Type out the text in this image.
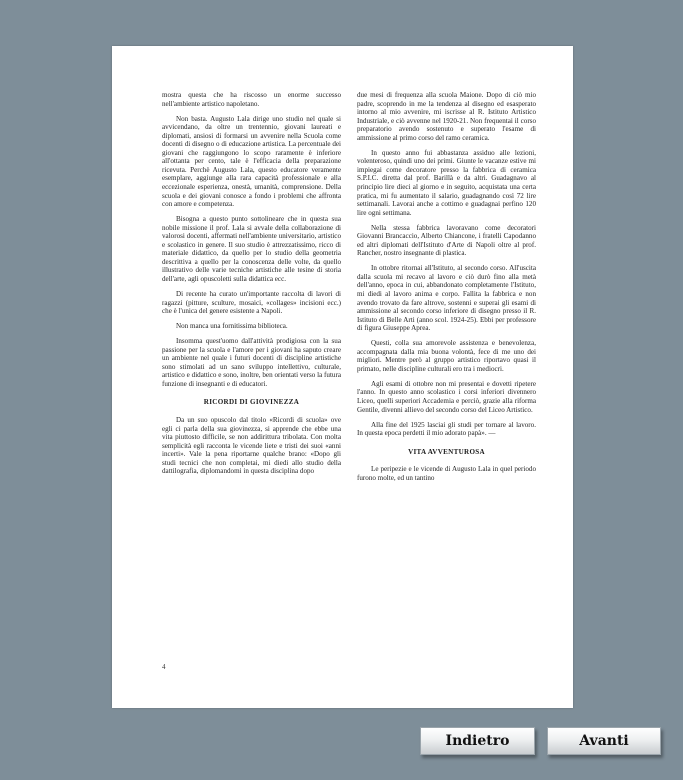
mostra questa che ha riscosso un enorme successo nell'ambiente artistico napoletano.

Non basta. Augusto Lala dirige uno studio nel quale si avvicendano, da oltre un trentennio, giovani laureati e diplomati, ansiosi di formarsi un avvenire nella Scuola come docenti di disegno o di educazione artistica. La percentuale dei giovani che raggiungono lo scopo raramente è inferiore all'ottanta per cento, tale è l'efficacia della preparazione ricevuta. Perchè Augusto Lala, questo educatore veramente esemplare, aggiunge alla rara capacità professionale e alla eccezionale esperienza, onestà, umanità, comprensione. Della scuola e dei giovani conosce a fondo i problemi che affronta con amore e competenza.

Bisogna a questo punto sottolineare che in questa sua nobile missione il prof. Lala si avvale della collaborazione di valorosi docenti, affermati nell'ambiente universitario, artistico e scolastico in genere. Il suo studio è attrezzatissimo, ricco di materiale didattico, da quello per lo studio della geometria descrittiva a quello per la conoscenza delle volte, da quello illustrativo delle varie tecniche artistiche alle tesine di storia dell'arte, agli opuscoletti sulla didattica ecc.

Di recente ha curato un'importante raccolta di lavori di ragazzi (pitture, sculture, mosaici, «collages» incisioni ecc.) che è l'unica del genere esistente a Napoli.

Non manca una fornitissima biblioteca.

Insomma quest'uomo dall'attività prodigiosa con la sua passione per la scuola e l'amore per i giovani ha saputo creare un ambiente nel quale i futuri docenti di discipline artistiche sono stimolati ad un sano sviluppo intellettivo, culturale, artistico e didattico e sono, inoltre, ben orientati verso la futura funzione di insegnanti e di educatori.

RICORDI DI GIOVINEZZA

Da un suo opuscolo dal titolo «Ricordi di scuola» ove egli ci parla della sua giovinezza, si apprende che ebbe una vita piuttosto difficile, se non addirittura tribolata. Con molta semplicità egli racconta le vicende liete e tristi dei suoi «anni incerti». Vale la pena riportarne qualche brano: «Dopo gli studi tecnici che non completai, mi diedi allo studio della dattilografia, diplomandomi in questa disciplina dopo

due mesi di frequenza alla scuola Maione. Dopo di ciò mio padre, scoprendo in me la tendenza al disegno ed esasperato intorno al mio avvenire, mi iscrisse al R. Istituto Artistico Industriale, e ciò avvenne nel 1920-21. Non frequentai il corso preparatorio avendo sostenuto e superato l'esame di ammissione al primo corso del ramo ceramica.

In questo anno fui abbastanza assiduo alle lezioni, volenteroso, quindi uno dei primi. Giunte le vacanze estive mi impiegai come decoratore presso la fabbrica di ceramica S.P.I.C. diretta dal prof. Barillà e da altri. Guadagnavo al principio lire dieci al giorno e in seguito, acquistata una certa pratica, mi fu aumentato il salario, guadagnando così 72 lire settimanali. Lavorai anche a cottimo e guadagnai perfino 120 lire ogni settimana.

Nella stessa fabbrica lavoravano come decoratori Giovanni Brancaccio, Alberto Chiancone, i fratelli Capodanno ed altri diplomati dell'Istituto d'Arte di Napoli oltre al prof. Rancher, nostro insegnante di plastica.

In ottobre ritornai all'Istituto, al secondo corso. All'uscita dalla scuola mi recavo al lavoro e ciò durò fino alla metà dell'anno, epoca in cui, abbandonato completamente l'Istituto, mi diedi al lavoro anima e corpo. Fallita la fabbrica e non avendo trovato da fare altrove, sostenni e superai gli esami di ammissione al secondo corso inferiore di disegno presso il R. Istituto di Belle Arti (anno scol. 1924-25). Ebbi per professore di figura Giuseppe Aprea.

Questi, colla sua amorevole assistenza e benevolenza, accompagnata dalla mia buona volontà, fece di me uno dei migliori. Mentre però al gruppo artistico riportavo quasi il primato, nelle discipline culturali ero tra i mediocri.

Agli esami di ottobre non mi presentai e dovetti ripetere l'anno. In questo anno scolastico i corsi inferiori divennero Liceo, quelli superiori Accademia e perciò, grazie alla riforma Gentile, divenni allievo del secondo corso del Liceo Artistico.

Alla fine del 1925 lasciai gli studi per tornare al lavoro. In questa epoca perdetti il mio adorato papà». —

VITA AVVENTUROSA

Le peripezie e le vicende di Augusto Lala in quel periodo furono molte, ed un tantino

4
Indietro	Avanti
